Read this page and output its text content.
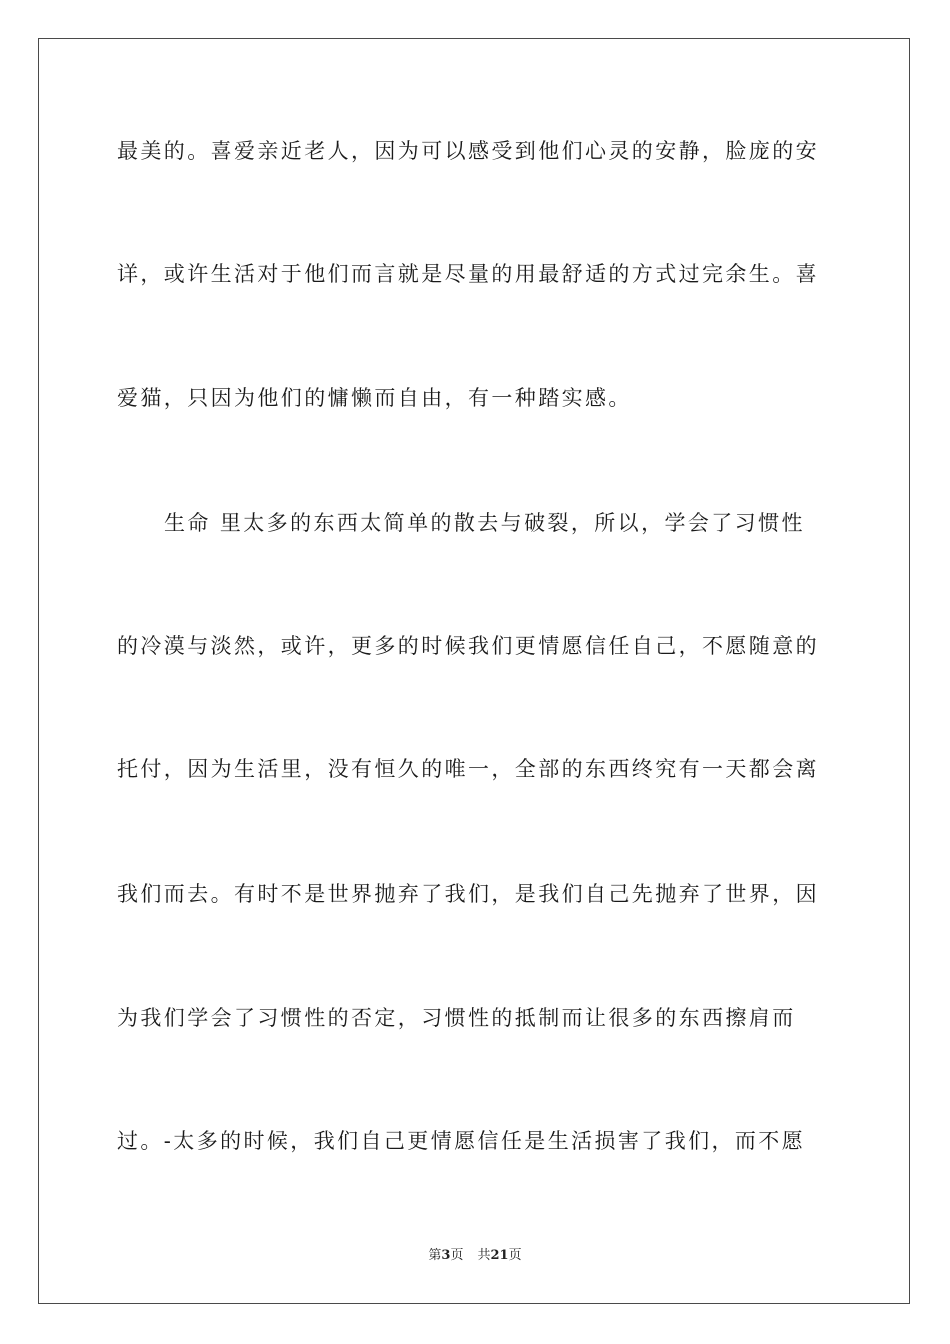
最美的。喜爱亲近老人，因为可以感受到他们心灵的安静，脸庞的安
详，或许生活对于他们而言就是尽量的用最舒适的方式过完余生。喜
爱猫，只因为他们的慵懒而自由，有一种踏实感。
生命 里太多的东西太简单的散去与破裂，所以，学会了习惯性
的冷漠与淡然，或许，更多的时候我们更情愿信任自己，不愿随意的
托付，因为生活里，没有恒久的唯一，全部的东西终究有一天都会离
我们而去。有时不是世界抛弃了我们，是我们自己先抛弃了世界，因
为我们学会了习惯性的否定，习惯性的抵制而让很多的东西擦肩而
过。-太多的时候，我们自己更情愿信任是生活损害了我们，而不愿
第3页 共21页
